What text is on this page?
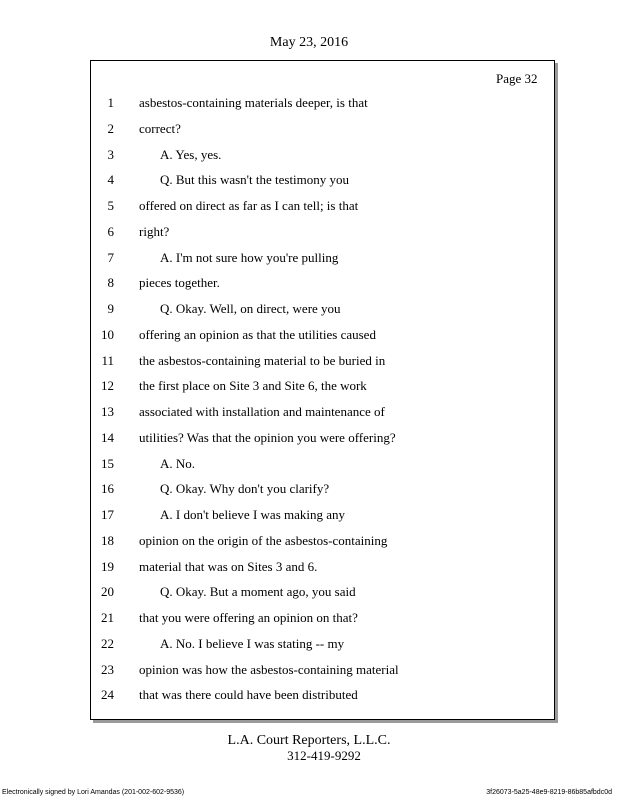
May 23, 2016
Page 32
1 asbestos-containing materials deeper, is that
2 correct?
3	A. Yes, yes.
4	Q. But this wasn't the testimony you
5 offered on direct as far as I can tell; is that
6 right?
7	A. I'm not sure how you're pulling
8 pieces together.
9	Q. Okay. Well, on direct, were you
10 offering an opinion as that the utilities caused
11 the asbestos-containing material to be buried in
12 the first place on Site 3 and Site 6, the work
13 associated with installation and maintenance of
14 utilities? Was that the opinion you were offering?
15	A. No.
16	Q. Okay. Why don't you clarify?
17	A. I don't believe I was making any
18 opinion on the origin of the asbestos-containing
19 material that was on Sites 3 and 6.
20	Q. Okay. But a moment ago, you said
21 that you were offering an opinion on that?
22	A. No. I believe I was stating -- my
23 opinion was how the asbestos-containing material
24 that was there could have been distributed
L.A. Court Reporters, L.L.C.
312-419-9292
Electronically signed by Lori Amandas (201-002-602-9536)	3f26073-5a25-48e9-8219-86b85afbdc0d
